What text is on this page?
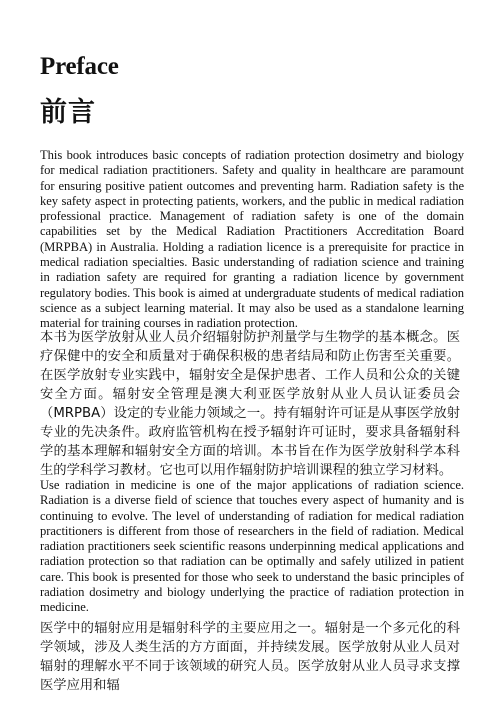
Preface
前言

This book introduces basic concepts of radiation protection dosimetry and biology for medical radiation practitioners. Safety and quality in healthcare are paramount for ensuring positive patient outcomes and preventing harm. Radiation safety is the key safety aspect in protecting patients, workers, and the public in medical radiation professional practice. Management of radiation safety is one of the domain capabilities set by the Medical Radiation Practitioners Accreditation Board (MRPBA) in Australia. Holding a radiation licence is a prerequisite for practice in medical radiation specialties. Basic understanding of radiation science and training in radiation safety are required for granting a radiation licence by government regulatory bodies. This book is aimed at undergraduate students of medical radiation science as a subject learning material. It may also be used as a standalone learning material for training courses in radiation protection.

本书为医学放射从业人员介绍辐射防护剂量学与生物学的基本概念。医疗保健中的安全和质量对于确保积极的患者结局和防止伤害至关重要。在医学放射专业实践中，辐射安全是保护患者、工作人员和公众的关键安全方面。辐射安全管理是澳大利亚医学放射从业人员认证委员会（MRPBA）设定的专业能力领域之一。持有辐射许可证是从事医学放射专业的先决条件。政府监管机构在授予辐射许可证时，要求具备辐射科学的基本理解和辐射安全方面的培训。本书旨在作为医学放射科学本科生的学科学习教材。它也可以用作辐射防护培训课程的独立学习材料。

Use radiation in medicine is one of the major applications of radiation science. Radiation is a diverse field of science that touches every aspect of humanity and is continuing to evolve. The level of understanding of radiation for medical radiation practitioners is different from those of researchers in the field of radiation. Medical radiation practitioners seek scientific reasons underpinning medical applications and radiation protection so that radiation can be optimally and safely utilized in patient care. This book is presented for those who seek to understand the basic principles of radiation dosimetry and biology underlying the practice of radiation protection in medicine.

医学中的辐射应用是辐射科学的主要应用之一。辐射是一个多元化的科学领域，涉及人类生活的方方面面，并持续发展。医学放射从业人员对辐射的理解水平不同于该领域的研究人员。医学放射从业人员寻求支撑医学应用和辐
